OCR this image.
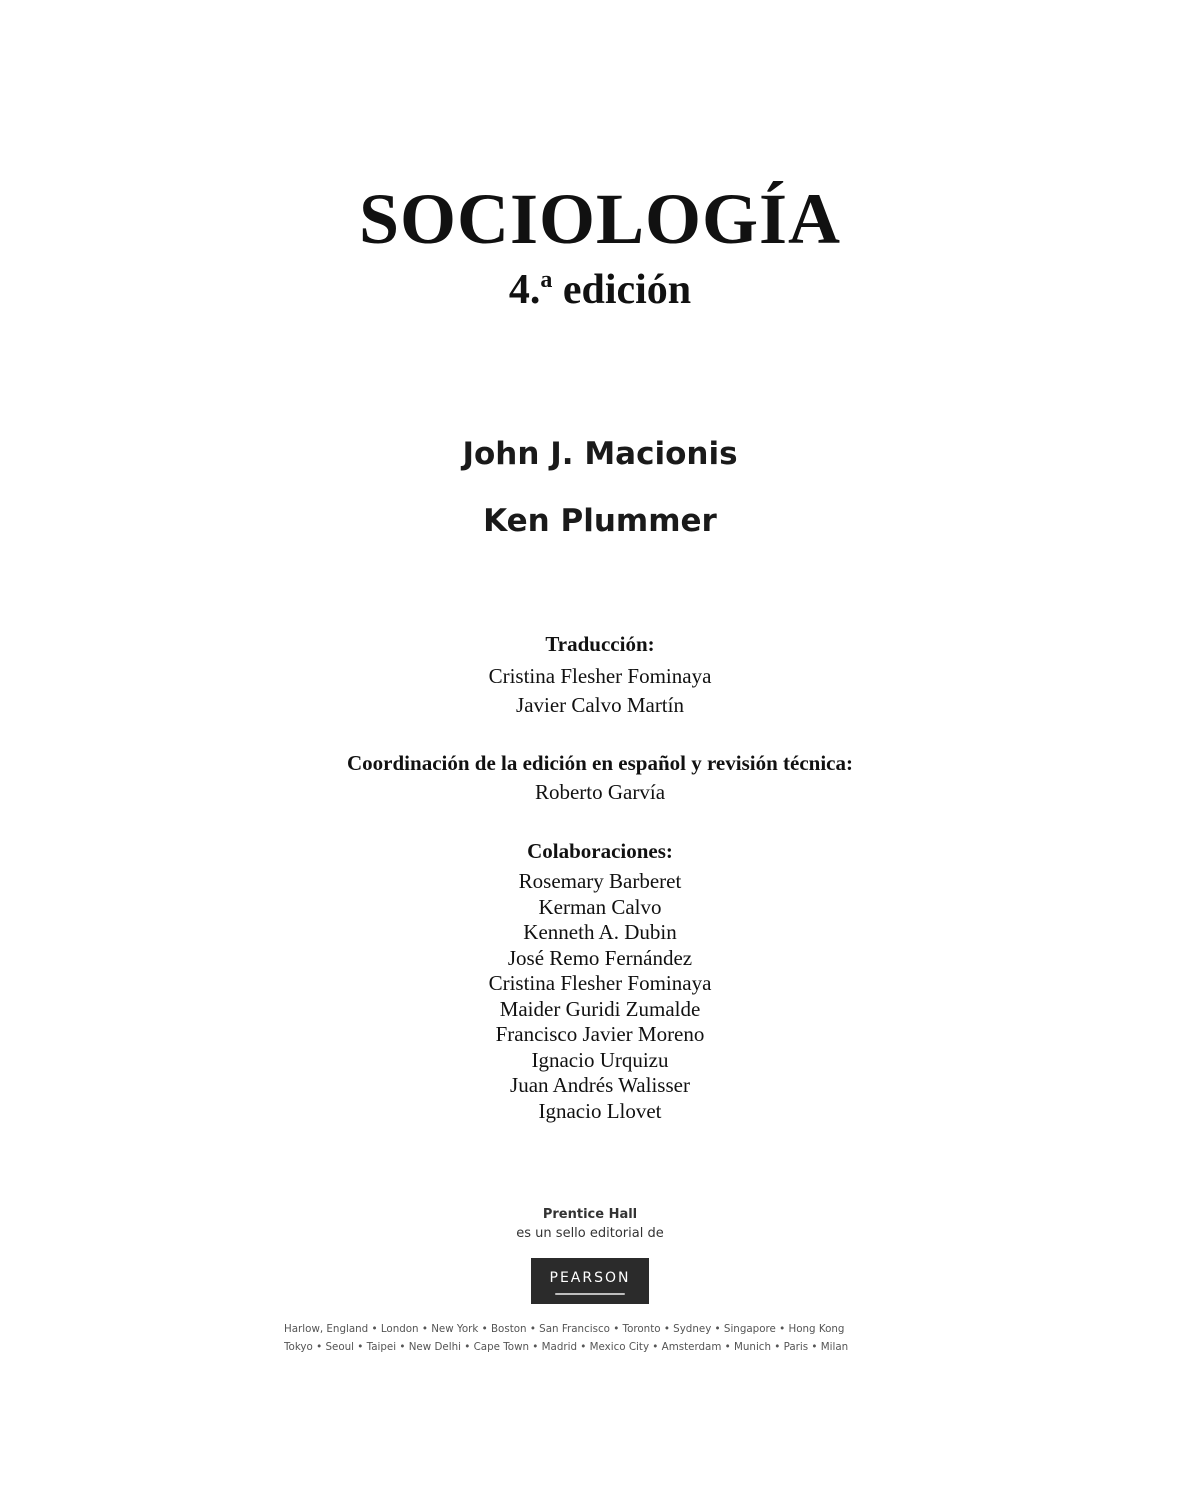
SOCIOLOGÍA
4.$^a$ edición
John J. Macionis
Ken Plummer
Traducción:
Cristina Flesher Fominaya
Javier Calvo Martín
Coordinación de la edición en español y revisión técnica:
Roberto Garvía
Colaboraciones:
Rosemary Barberet
Kerman Calvo
Kenneth A. Dubin
José Remo Fernández
Cristina Flesher Fominaya
Maider Guridi Zumalde
Francisco Javier Moreno
Ignacio Urquizu
Juan Andrés Walisser
Ignacio Llovet
Prentice Hall
es un sello editorial de
PEARSON
Harlow, England • London • New York • Boston • San Francisco • Toronto • Sydney • Singapore • Hong Kong
Tokyo • Seoul • Taipei • New Delhi • Cape Town • Madrid • Mexico City • Amsterdam • Munich • Paris • Milan
